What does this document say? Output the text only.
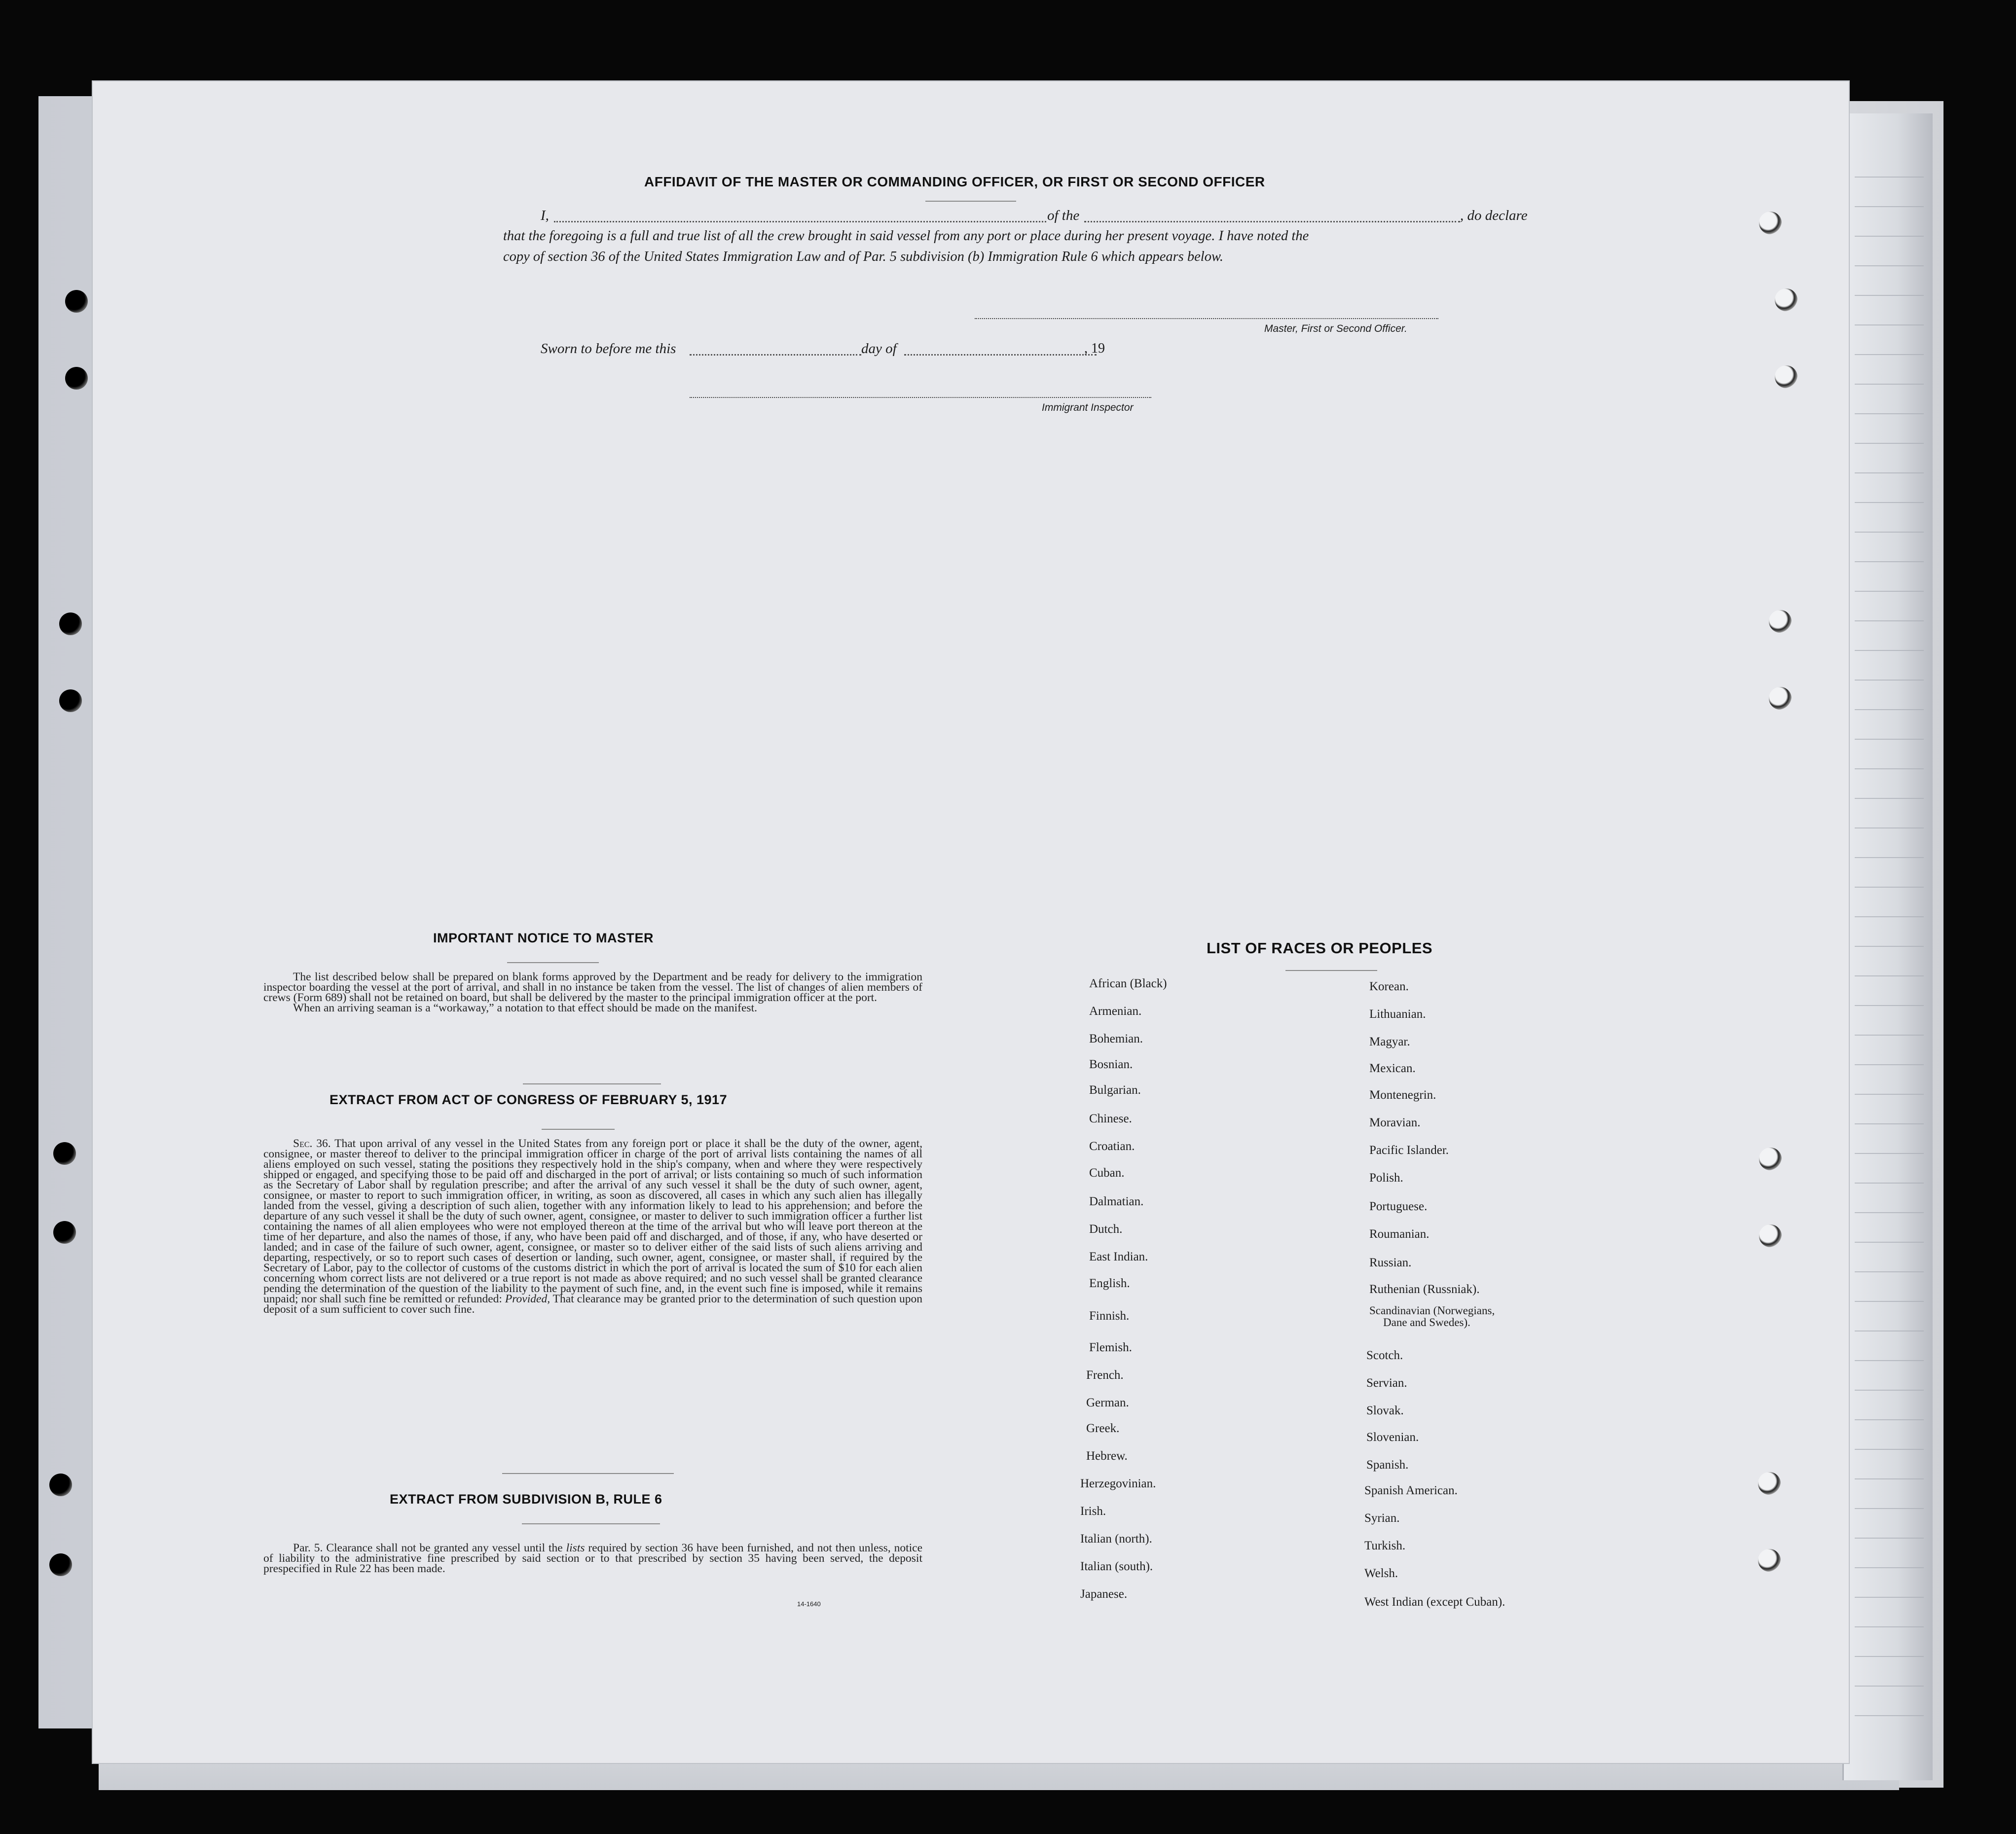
AFFIDAVIT OF THE MASTER OR COMMANDING OFFICER, OR FIRST OR SECOND OFFICER
I,	of the	, do declare
that the foregoing is a full and true list of all the crew brought in said vessel from any port or place during her present voyage. I have noted the
copy of section 36 of the United States Immigration Law and of Par. 5 subdivision (b) Immigration Rule 6 which appears below.
Master, First or Second Officer.
Sworn to before me this	day of	, 19
Immigrant Inspector
IMPORTANT NOTICE TO MASTER

The list described below shall be prepared on blank forms approved by the Department and be ready for delivery to the immigration inspector boarding the vessel at the port of arrival, and shall in no instance be taken from the vessel. The list of changes of alien members of crews (Form 689) shall not be retained on board, but shall be delivered by the master to the principal immigration officer at the port.

When an arriving seaman is a “workaway,” a notation to that effect should be made on the manifest.

EXTRACT FROM ACT OF CONGRESS OF FEBRUARY 5, 1917

Sec. 36. That upon arrival of any vessel in the United States from any foreign port or place it shall be the duty of the owner, agent, consignee, or master thereof to deliver to the principal immigration officer in charge of the port of arrival lists containing the names of all aliens employed on such vessel, stating the positions they respectively hold in the ship's company, when and where they were respectively shipped or engaged, and specifying those to be paid off and discharged in the port of arrival; or lists containing so much of such information as the Secretary of Labor shall by regulation prescribe; and after the arrival of any such vessel it shall be the duty of such owner, agent, consignee, or master to report to such immigration officer, in writing, as soon as discovered, all cases in which any such alien has illegally landed from the vessel, giving a description of such alien, together with any information likely to lead to his apprehension; and before the departure of any such vessel it shall be the duty of such owner, agent, consignee, or master to deliver to such immigration officer a further list containing the names of all alien employees who were not employed thereon at the time of the arrival but who will leave port thereon at the time of her departure, and also the names of those, if any, who have been paid off and discharged, and of those, if any, who have deserted or landed; and in case of the failure of such owner, agent, consignee, or master so to deliver either of the said lists of such aliens arriving and departing, respectively, or so to report such cases of desertion or landing, such owner, agent, consignee, or master shall, if required by the Secretary of Labor, pay to the collector of customs of the customs district in which the port of arrival is located the sum of $10 for each alien concerning whom correct lists are not delivered or a true report is not made as above required; and no such vessel shall be granted clearance pending the determination of the question of the liability to the payment of such fine, and, in the event such fine is imposed, while it remains unpaid; nor shall such fine be remitted or refunded: Provided, That clearance may be granted prior to the determination of such question upon deposit of a sum sufficient to cover such fine.

EXTRACT FROM SUBDIVISION B, RULE 6

Par. 5. Clearance shall not be granted any vessel until the lists required by section 36 have been furnished, and not then unless, notice of liability to the administrative fine prescribed by said section or to that prescribed by section 35 having been served, the deposit prespecified in Rule 22 has been made.

14-1640
LIST OF RACES OR PEOPLES
African (Black)
Armenian.
Bohemian.
Bosnian.
Bulgarian.
Chinese.
Croatian.
Cuban.
Dalmatian.
Dutch.
East Indian.
English.
Finnish.
Flemish.
French.
German.
Greek.
Hebrew.
Herzegovinian.
Irish.
Italian (north).
Italian (south).
Japanese.
Korean.
Lithuanian.
Magyar.
Mexican.
Montenegrin.
Moravian.
Pacific Islander.
Polish.
Portuguese.
Roumanian.
Russian.
Ruthenian (Russniak).
Scandinavian (Norwegians,
Dane and Swedes).
Scotch.
Servian.
Slovak.
Slovenian.
Spanish.
Spanish American.
Syrian.
Turkish.
Welsh.
West Indian (except Cuban).
